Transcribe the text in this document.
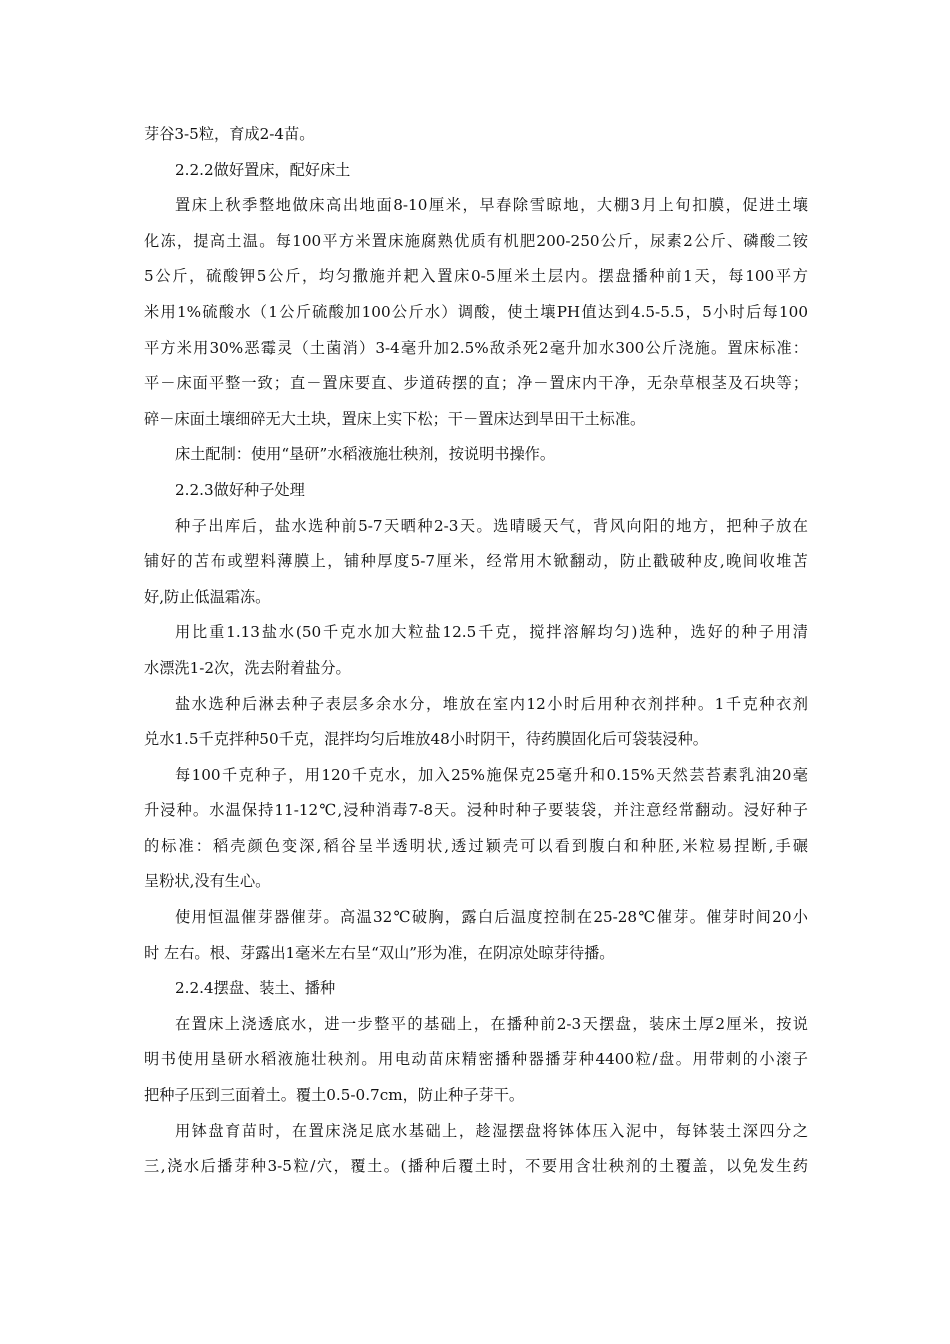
芽谷3-5粒，育成2-4苗。
2.2.2做好置床，配好床土
置床上秋季整地做床高出地面8-10厘米，早春除雪晾地，大棚3月上旬扣膜，促进土壤
化冻，提高土温。每100平方米置床施腐熟优质有机肥200-250公斤，尿素2公斤、磷酸二铵
5公斤，硫酸钾5公斤，均匀撒施并耙入置床0-5厘米土层内。摆盘播种前1天，每100平方
米用1%硫酸水（1公斤硫酸加100公斤水）调酸，使土壤PH值达到4.5-5.5，5小时后每100
平方米用30%恶霉灵（土菌消）3-4毫升加2.5%敌杀死2毫升加水300公斤浇施。置床标准：
平－床面平整一致；直－置床要直、步道砖摆的直；净－置床内干净，无杂草根茎及石块等；
碎－床面土壤细碎无大土块，置床上实下松；干－置床达到旱田干土标准。
床土配制：使用“垦研”水稻液施壮秧剂，按说明书操作。
2.2.3做好种子处理
种子出库后，盐水选种前5-7天晒种2-3天。选晴暖天气，背风向阳的地方，把种子放在
铺好的苫布或塑料薄膜上，铺种厚度5-7厘米，经常用木锨翻动，防止戳破种皮,晚间收堆苫
好,防止低温霜冻。
用比重1.13盐水(50千克水加大粒盐12.5千克，搅拌溶解均匀)选种，选好的种子用清
水漂洗1-2次，洗去附着盐分。
盐水选种后淋去种子表层多余水分，堆放在室内12小时后用种衣剂拌种。1千克种衣剂
兑水1.5千克拌种50千克，混拌均匀后堆放48小时阴干，待药膜固化后可袋装浸种。
每100千克种子，用120千克水，加入25%施保克25毫升和0.15%天然芸苔素乳油20毫
升浸种。水温保持11-12℃,浸种消毒7-8天。浸种时种子要装袋，并注意经常翻动。浸好种子
的标准：稻壳颜色变深,稻谷呈半透明状,透过颖壳可以看到腹白和种胚,米粒易捏断,手碾
呈粉状,没有生心。
使用恒温催芽器催芽。高温32℃破胸，露白后温度控制在25-28℃催芽。催芽时间20小
时 左右。根、芽露出1毫米左右呈“双山”形为准，在阴凉处晾芽待播。
2.2.4摆盘、装土、播种
在置床上浇透底水，进一步整平的基础上，在播种前2-3天摆盘，装床土厚2厘米，按说
明书使用垦研水稻液施壮秧剂。用电动苗床精密播种器播芽种4400粒/盘。用带刺的小滚子
把种子压到三面着土。覆土0.5-0.7cm，防止种子芽干。
用钵盘育苗时，在置床浇足底水基础上，趁湿摆盘将钵体压入泥中，每钵装土深四分之
三,浇水后播芽种3-5粒/穴，覆土。(播种后覆土时，不要用含壮秧剂的土覆盖，以免发生药
